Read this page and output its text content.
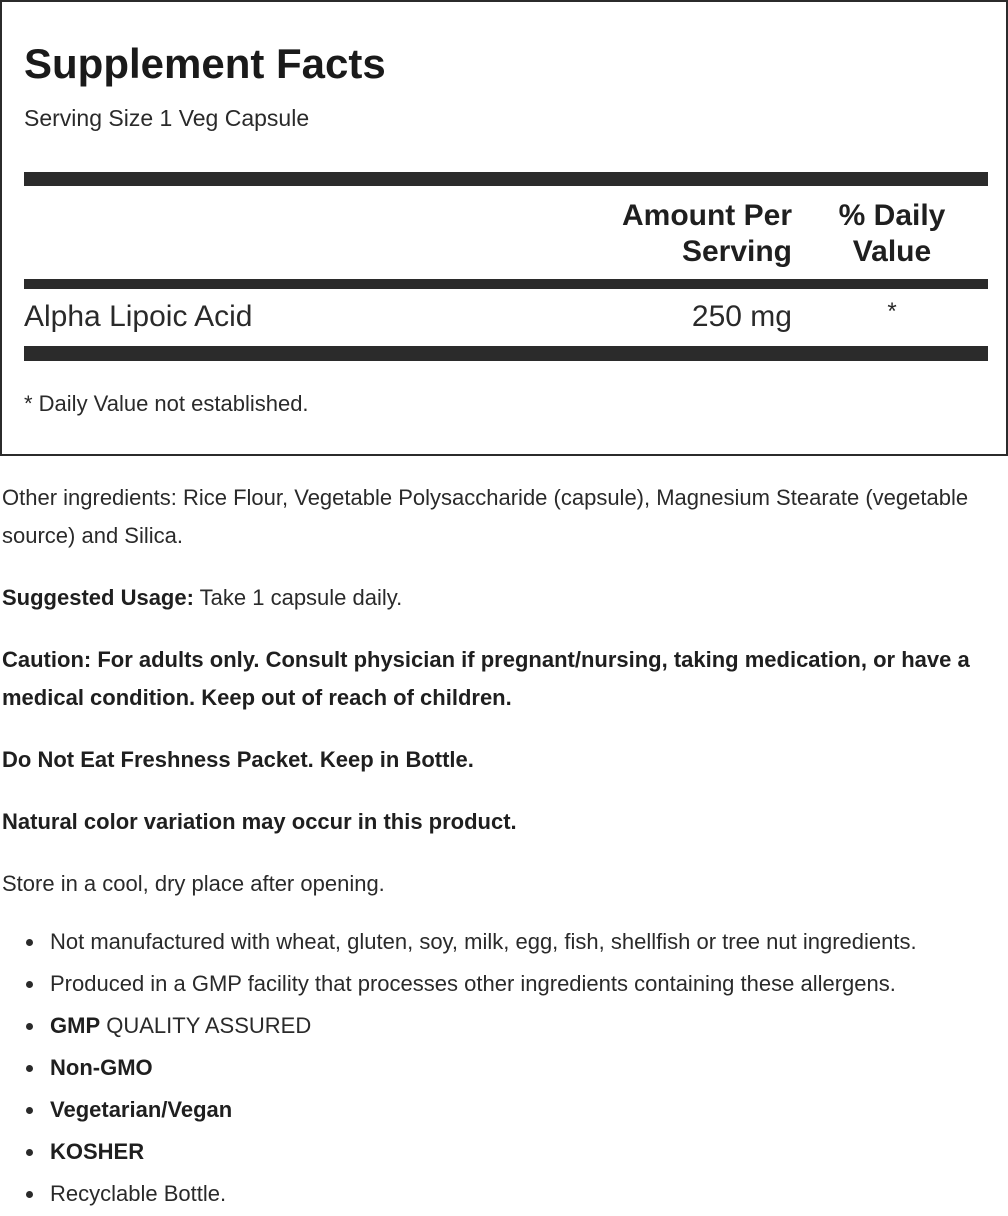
Supplement Facts
Serving Size 1 Veg Capsule
Amount Per
Serving
% Daily
Value
Alpha Lipoic Acid	250 mg	*
* Daily Value not established.
Other ingredients: Rice Flour, Vegetable Polysaccharide (capsule), Magnesium Stearate (vegetable source) and Silica.
Suggested Usage: Take 1 capsule daily.
Caution: For adults only. Consult physician if pregnant/nursing, taking medication, or have a medical condition. Keep out of reach of children.
Do Not Eat Freshness Packet. Keep in Bottle.
Natural color variation may occur in this product.
Store in a cool, dry place after opening.
Not manufactured with wheat, gluten, soy, milk, egg, fish, shellfish or tree nut ingredients.
Produced in a GMP facility that processes other ingredients containing these allergens.
GMP QUALITY ASSURED
Non-GMO
Vegetarian/Vegan
KOSHER
Recyclable Bottle.
